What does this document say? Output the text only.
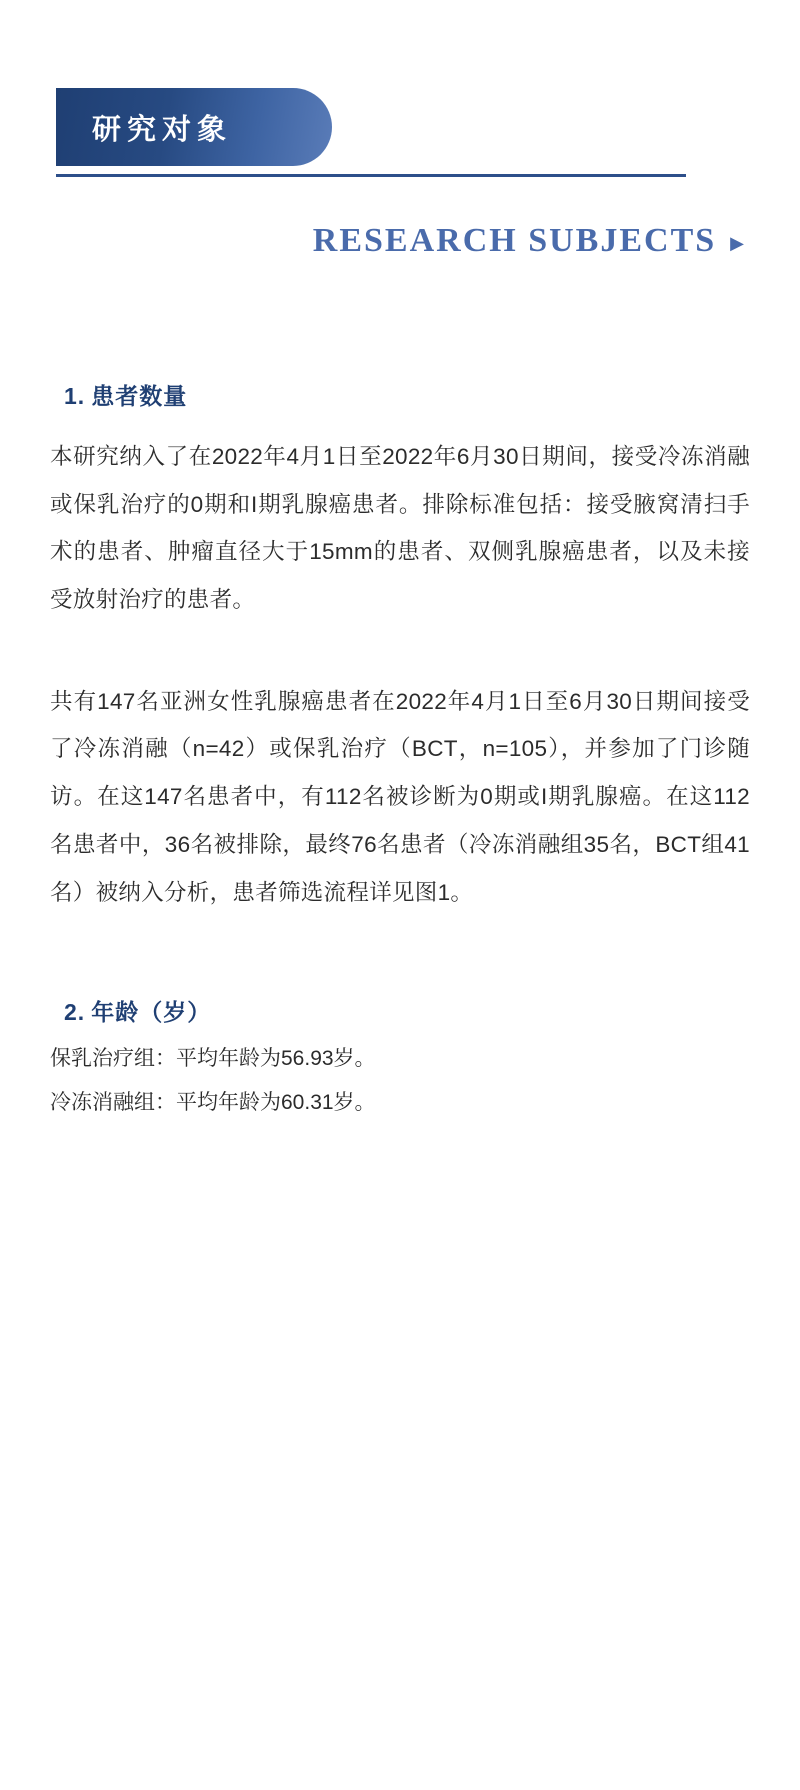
研究对象
RESEARCH SUBJECTS ▶
1. 患者数量

本研究纳入了在2022年4月1日至2022年6月30日期间，接受冷冻消融或保乳治疗的0期和I期乳腺癌患者。排除标准包括：接受腋窝清扫手术的患者、肿瘤直径大于15mm的患者、双侧乳腺癌患者，以及未接受放射治疗的患者。

共有147名亚洲女性乳腺癌患者在2022年4月1日至6月30日期间接受了冷冻消融（n=42）或保乳治疗（BCT，n=105），并参加了门诊随访。在这147名患者中，有112名被诊断为0期或I期乳腺癌。在这112名患者中，36名被排除，最终76名患者（冷冻消融组35名，BCT组41名）被纳入分析，患者筛选流程详见图1。

2. 年龄（岁）

保乳治疗组：平均年龄为56.93岁。

冷冻消融组：平均年龄为60.31岁。
